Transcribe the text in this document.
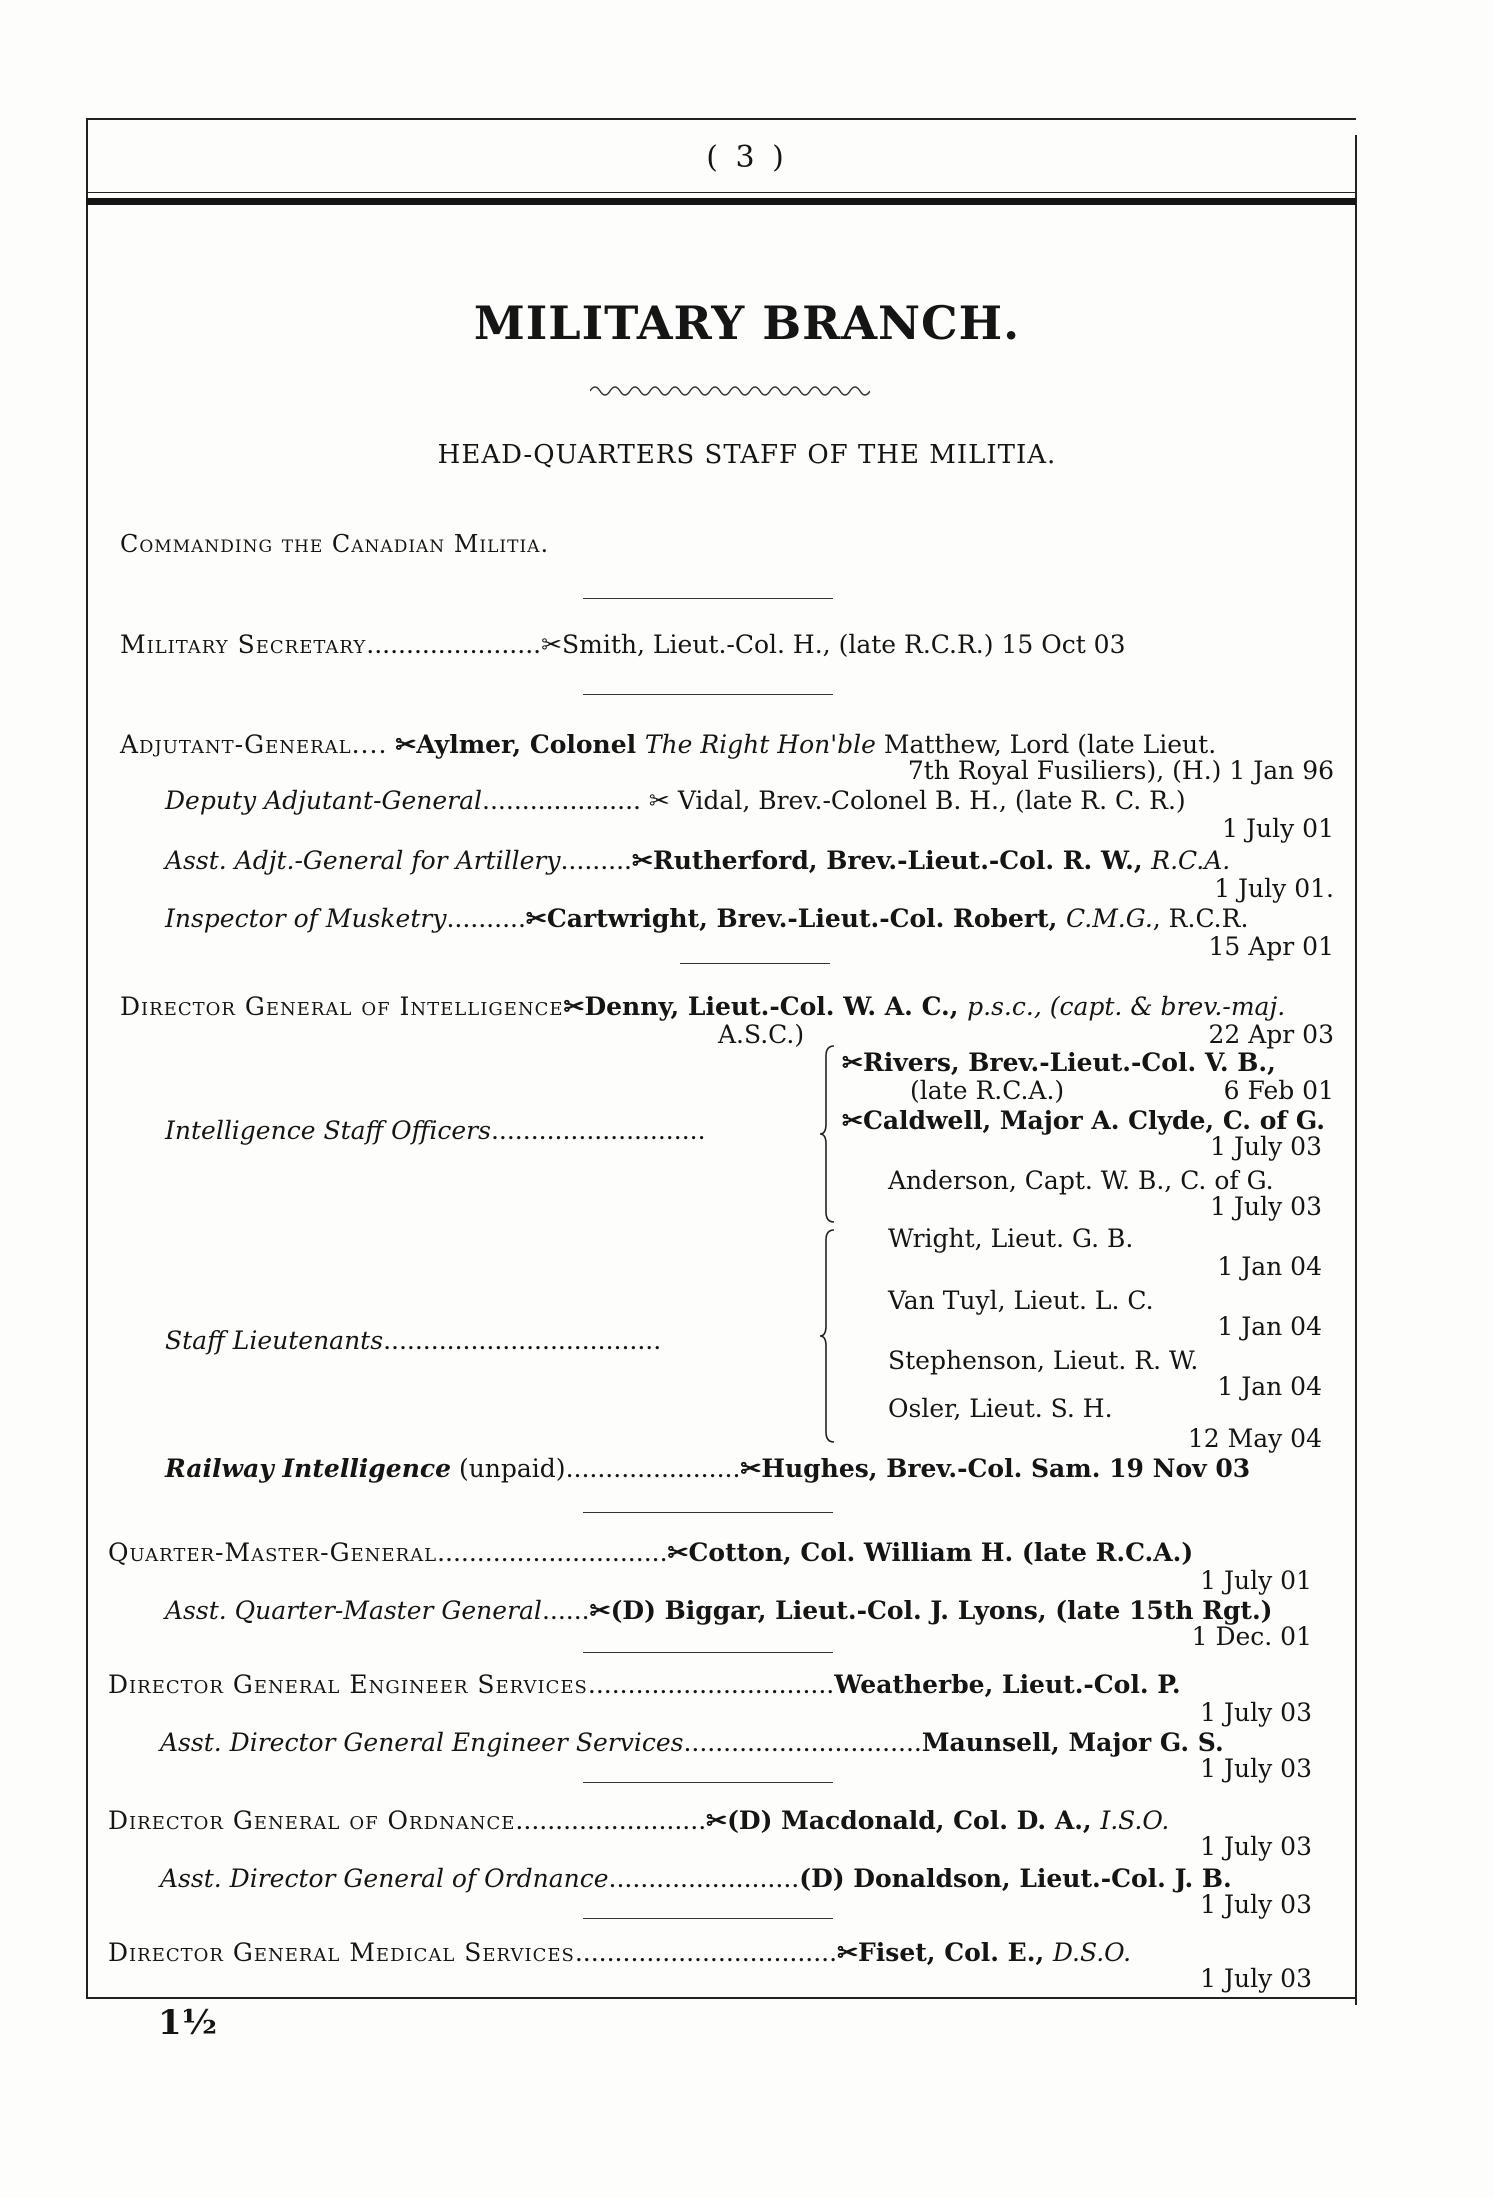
( 3 )
MILITARY BRANCH.
HEAD-QUARTERS STAFF OF THE MILITIA.
Commanding the Canadian Militia.
Military Secretary......................✂Smith, Lieut.-Col. H., (late R.C.R.) 15 Oct 03
Adjutant-General.... ✂Aylmer, Colonel The Right Hon'ble Matthew, Lord (late Lieut.
7th Royal Fusiliers), (H.) 1 Jan 96
Deputy Adjutant-General.................... ✂ Vidal, Brev.-Colonel B. H., (late R. C. R.)
1 July 01
Asst. Adjt.-General for Artillery.........✂Rutherford, Brev.-Lieut.-Col. R. W., R.C.A.
1 July 01.
Inspector of Musketry..........✂Cartwright, Brev.-Lieut.-Col. Robert, C.M.G., R.C.R.
15 Apr 01
Director General of Intelligence✂Denny, Lieut.-Col. W. A. C., p.s.c., (capt. & brev.-maj.
A.S.C.)	22 Apr 03
Intelligence Staff Officers...........................
✂Rivers, Brev.-Lieut.-Col. V. B.,
(late R.C.A.)	6 Feb 01
✂Caldwell, Major A. Clyde, C. of G.
1 July 03
Anderson, Capt. W. B., C. of G.
1 July 03
Staff Lieutenants...................................
Wright, Lieut. G. B.
1 Jan 04
Van Tuyl, Lieut. L. C.
1 Jan 04
Stephenson, Lieut. R. W.
1 Jan 04
Osler, Lieut. S. H.
12 May 04
Railway Intelligence (unpaid)......................✂Hughes, Brev.-Col. Sam. 19 Nov 03
Quarter-Master-General.............................✂Cotton, Col. William H. (late R.C.A.)
1 July 01
Asst. Quarter-Master General......✂(D) Biggar, Lieut.-Col. J. Lyons, (late 15th Rgt.)
1 Dec. 01
Director General Engineer Services...............................Weatherbe, Lieut.-Col. P.
1 July 03
Asst. Director General Engineer Services..............................Maunsell, Major G. S.
1 July 03
Director General of Ordnance........................✂(D) Macdonald, Col. D. A., I.S.O.
1 July 03
Asst. Director General of Ordnance........................(D) Donaldson, Lieut.-Col. J. B.
1 July 03
Director General Medical Services.................................✂Fiset, Col. E., D.S.O.
1 July 03
1½
